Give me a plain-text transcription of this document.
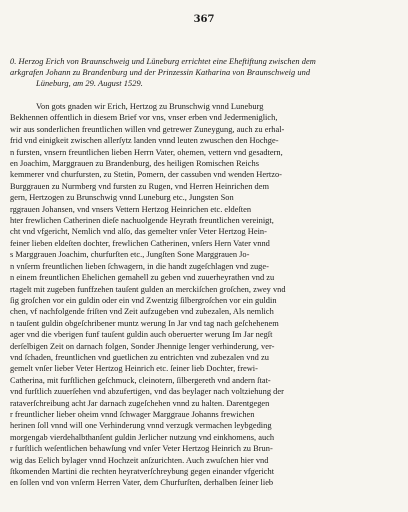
367
0. Herzog Erich von Braunschweig und Lüneburg errichtet eine Eheftiftung zwischen dem
arkgrafen Johann zu Brandenburg und der Prinzessin Katharina von Braunschweig und
Lüneburg, am 29. August 1529.
Von gots gnaden wir Erich, Hertzog zu Brunschwig vnnd Luneburg
Bekhennen offentlich in diesem Brief vor vns, vnser erben vnd Jedermeniglich,
wir aus sonderlichen freuntlichen willen vnd getrewer Zuneygung, auch zu erhal-
frid vnd einigkeit zwischen allerſytz landen vnnd leuten zwuschen den Hochge-
n fursten, vnsern freuntlichen lieben Herrn Vater, ohemen, vettern vnd gesadtern,
en Joachim, Marggrauen zu Brandenburg, des heiligen Romischen Reichs
kemmerer vnd churfursten, zu Stetin, Pomern, der cassuben vnd wenden Hertzo-
Burggrauen zu Nurmberg vnd fursten zu Rugen, vnd Herren Heinrichen dem
gern, Hertzogen zu Brunschwig vnnd Luneburg etc., Jungsten Son
rggrauen Johansen, vnd vnsers Vettern Hertzog Heinrichen etc. eldeſten
hter frewlichen Catherinen dieſe nachuolgende Heyrath freuntlichen vereinigt,
cht vnd vfgericht, Nemlich vnd alſo, das gemelter vnſer Veter Hertzog Hein-
feiner lieben eldeſten dochter, frewlichen Catherinen, vnſers Hern Vater vnnd
s Marggrauen Joachim, churfurſten etc., Jungſten Sone Marggrauen Jo-
n vnſerm freuntlichen lieben ſchwagern, in die handt zugeſchlagen vnd zuge-
n einem freuntlichen Ehelichen gemahell zu geben vnd zuuerheyrathen vnd zu
rtagelt mit zugeben funffzehen tauſent gulden an merckiſchen groſchen, zwey vnd
ſig groſchen vor ein guldin oder ein vnd Zwentzig ſilbergroſchen vor ein guldin
chen, vf nachfolgende friſten vnd Zeit aufzugeben vnd zubezalen, Als nemlich
n tauſent guldin obgeſchribener muntz werung In Jar vnd tag nach geſchehenem
ager vnd die vberigen funf tauſent guldin auch oberuerter werung Im Jar negſt
derſelbigen Zeit on darnach folgen, Sonder Jhennige lenger verhinderung, ver-
vnd ſchaden, freuntlichen vnd guetlichen zu entrichten vnd zubezalen vnd zu
gemelt vnſer lieber Veter Hertzog Heinrich etc. ſeiner lieb Dochter, frewi-
Catherina, mit furſtlichen geſchmuck, cleinotern, ſilbergereth vnd andern ſtat-
vnd furſtlich zuuerſehen vnd abzufertigen, vnd das beylager nach voltziehung der
rataverſchreibung acht Jar darnach zugeſchehen vnnd zu halten. Darentgegen
r freuntlicher lieber oheim vnnd ſchwager Marggraue Johanns frewichen
herinen ſoll vnnd will one Verhinderung vnnd verzugk vermachen leybgeding
morgengab vierdehalbthanſent guldin Jerlicher nutzung vnd einkhomens, auch
r furſtlich weſentlichen behawſung vnd vnſer Veter Hertzog Heinrich zu Brun-
wig das Eelich bylager vnnd Hochzeit anſzurichten. Auch zwuſchen hier vnd
ſtkomenden Martini die rechten heyratverſchreybung gegen einander vfgericht
en ſollen vnd von vnſerm Herren Vater, dem Churfurſten, derhalben ſeiner lieb
